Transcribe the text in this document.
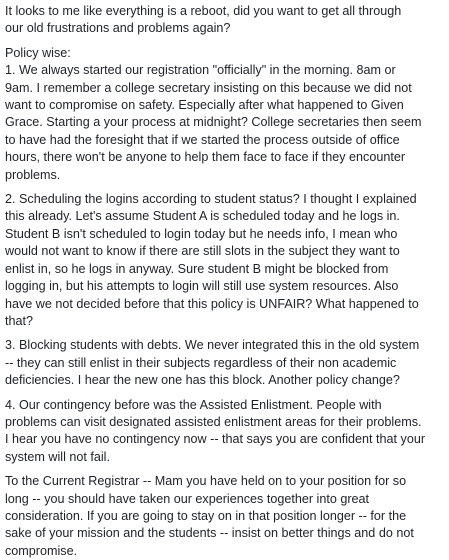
It looks to me like everything is a reboot, did you want to get all through
our old frustrations and problems again?
Policy wise:
1. We always started our registration "officially" in the morning. 8am or
9am. I remember a college secretary insisting on this because we did not
want to compromise on safety. Especially after what happened to Given
Grace. Starting a your process at midnight? College secretaries then seem
to have had the foresight that if we started the process outside of office
hours, there won't be anyone to help them face to face if they encounter
problems.
2. Scheduling the logins according to student status? I thought I explained
this already. Let's assume Student A is scheduled today and he logs in.
Student B isn't scheduled to login today but he needs info, I mean who
would not want to know if there are still slots in the subject they want to
enlist in, so he logs in anyway. Sure student B might be blocked from
logging in, but his attempts to login will still use system resources. Also
have we not decided before that this policy is UNFAIR? What happened to
that?
3. Blocking students with debts. We never integrated this in the old system
-- they can still enlist in their subjects regardless of their non academic
deficiencies. I hear the new one has this block. Another policy change?
4. Our contingency before was the Assisted Enlistment. People with
problems can visit designated assisted enlistment areas for their problems.
I hear you have no contingency now -- that says you are confident that your
system will not fail.
To the Current Registrar -- Mam you have held on to your position for so
long -- you should have taken our experiences together into great
consideration. If you are going to stay on in that position longer -- for the
sake of your mission and the students -- insist on better things and do not
compromise.
